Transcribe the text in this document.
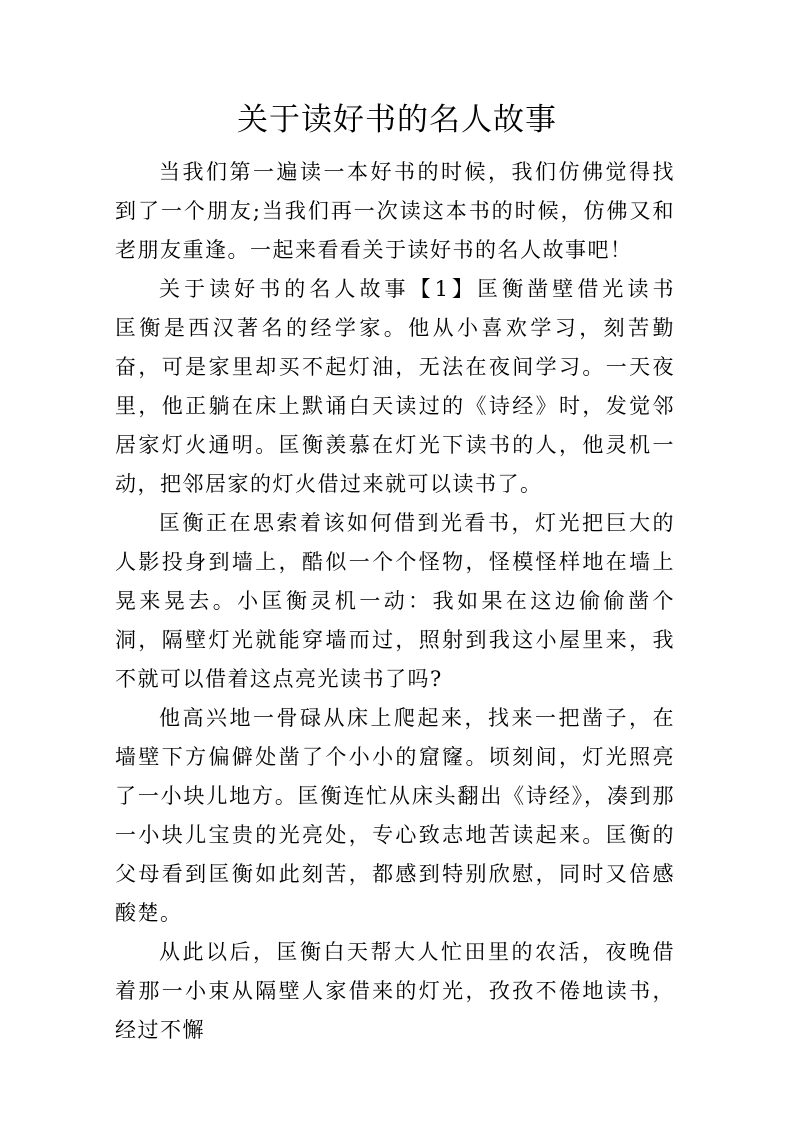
关于读好书的名人故事

当我们第一遍读一本好书的时候，我们仿佛觉得找到了一个朋友;当我们再一次读这本书的时候，仿佛又和老朋友重逢。一起来看看关于读好书的名人故事吧！

关于读好书的名人故事【1】匡衡凿壁借光读书　　匡衡是西汉著名的经学家。他从小喜欢学习，刻苦勤奋，可是家里却买不起灯油，无法在夜间学习。一天夜里，他正躺在床上默诵白天读过的《诗经》时，发觉邻居家灯火通明。匡衡羡慕在灯光下读书的人，他灵机一动，把邻居家的灯火借过来就可以读书了。

匡衡正在思索着该如何借到光看书，灯光把巨大的人影投身到墙上，酷似一个个怪物，怪模怪样地在墙上晃来晃去。小匡衡灵机一动：我如果在这边偷偷凿个洞，隔壁灯光就能穿墙而过，照射到我这小屋里来，我不就可以借着这点亮光读书了吗?

他高兴地一骨碌从床上爬起来，找来一把凿子，在墙壁下方偏僻处凿了个小小的窟窿。顷刻间，灯光照亮了一小块儿地方。匡衡连忙从床头翻出《诗经》，凑到那一小块儿宝贵的光亮处，专心致志地苦读起来。匡衡的父母看到匡衡如此刻苦，都感到特别欣慰，同时又倍感酸楚。

从此以后，匡衡白天帮大人忙田里的农活，夜晚借着那一小束从隔壁人家借来的灯光，孜孜不倦地读书，经过不懈
